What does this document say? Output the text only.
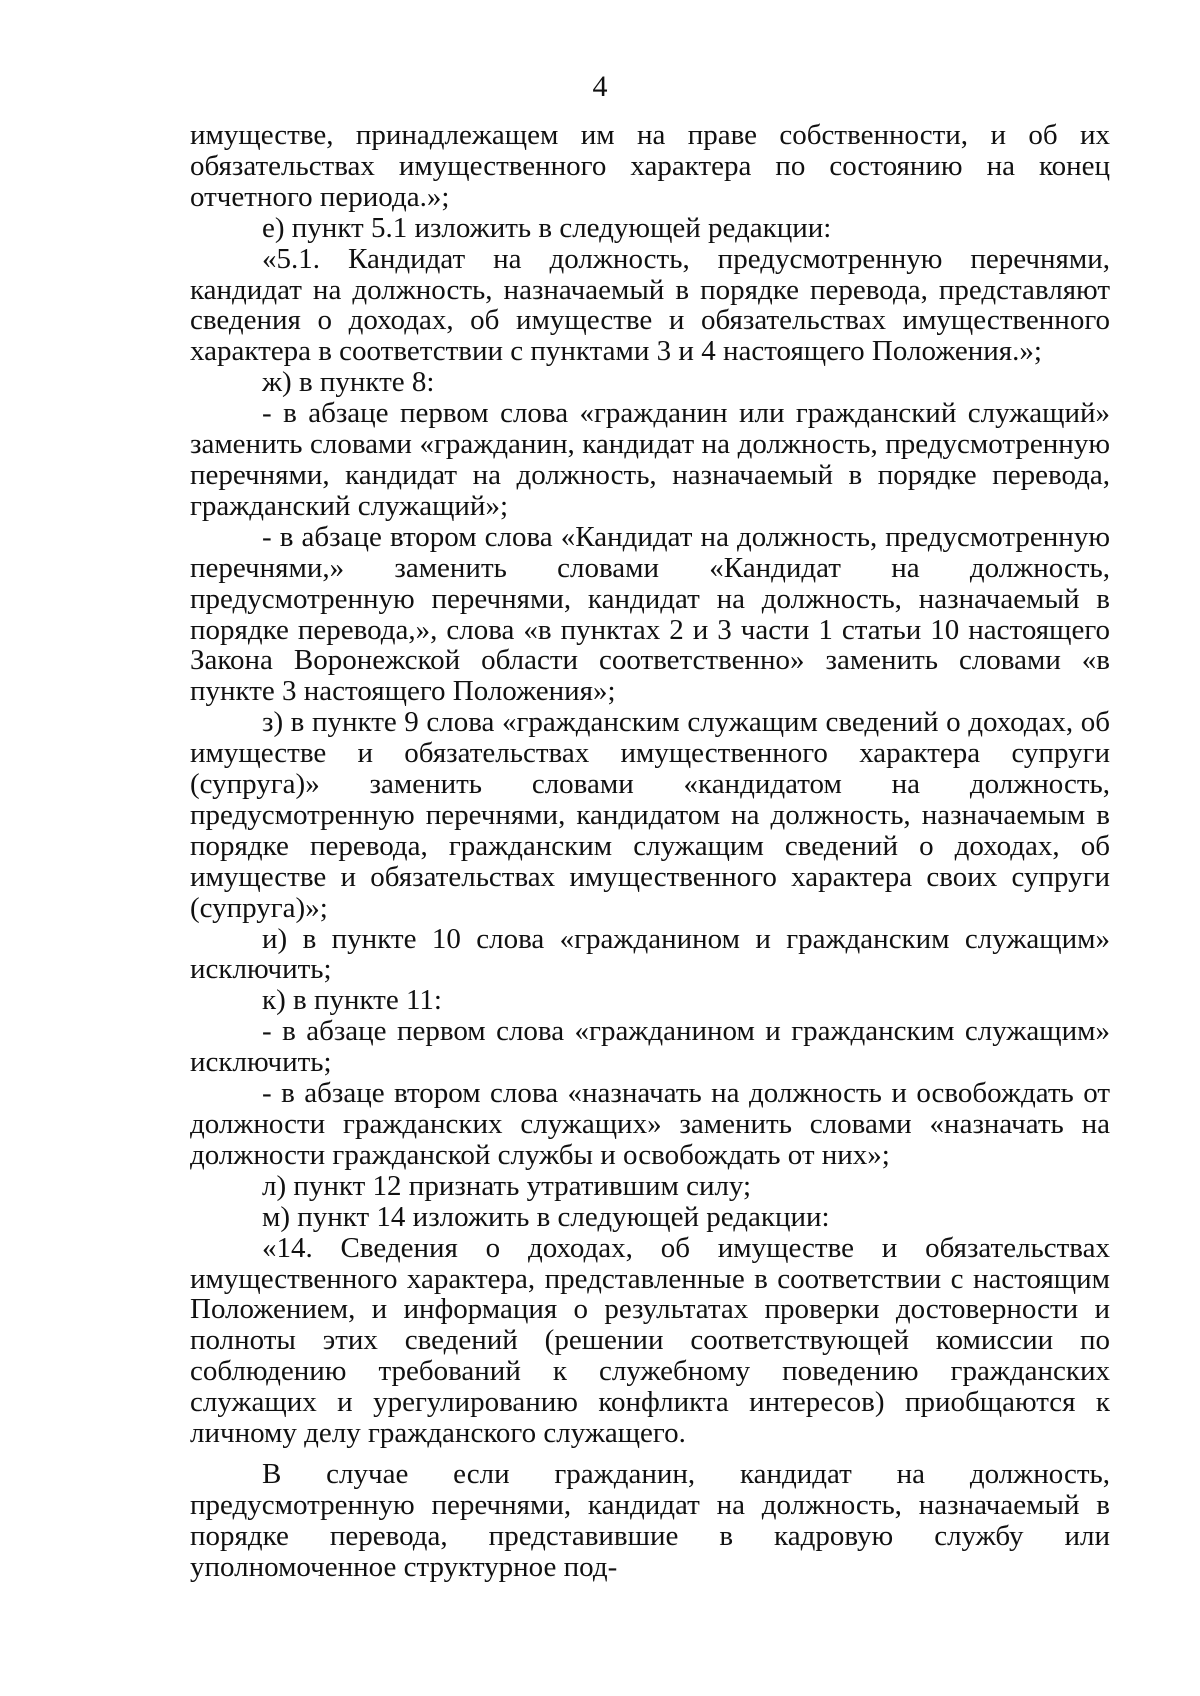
4

имуществе, принадлежащем им на праве собственности, и об их обязательствах имущественного характера по состоянию на конец отчетного периода.»;

е) пункт 5.1 изложить в следующей редакции:

«5.1. Кандидат на должность, предусмотренную перечнями, кандидат на должность, назначаемый в порядке перевода, представляют сведения о доходах, об имуществе и обязательствах имущественного характера в соответствии с пунктами 3 и 4 настоящего Положения.»;

ж) в пункте 8:

- в абзаце первом слова «гражданин или гражданский служащий» заменить словами «гражданин, кандидат на должность, предусмотренную перечнями, кандидат на должность, назначаемый в порядке перевода, гражданский служащий»;

- в абзаце втором слова «Кандидат на должность, предусмотренную перечнями,» заменить словами «Кандидат на должность, предусмотренную перечнями, кандидат на должность, назначаемый в порядке перевода,», слова «в пунктах 2 и 3 части 1 статьи 10 настоящего Закона Воронежской области соответственно» заменить словами «в пункте 3 настоящего Положения»;

з) в пункте 9 слова «гражданским служащим сведений о доходах, об имуществе и обязательствах имущественного характера супруги (супруга)» заменить словами «кандидатом на должность, предусмотренную перечнями, кандидатом на должность, назначаемым в порядке перевода, гражданским служащим сведений о доходах, об имуществе и обязательствах имущественного характера своих супруги (супруга)»;

и) в пункте 10 слова «гражданином и гражданским служащим» исключить;

к) в пункте 11:

- в абзаце первом слова «гражданином и гражданским служащим» исключить;

- в абзаце втором слова «назначать на должность и освобождать от должности гражданских служащих» заменить словами «назначать на должности гражданской службы и освобождать от них»;

л) пункт 12 признать утратившим силу;

м) пункт 14 изложить в следующей редакции:

«14. Сведения о доходах, об имуществе и обязательствах имущественного характера, представленные в соответствии с настоящим Положением, и информация о результатах проверки достоверности и полноты этих сведений (решении соответствующей комиссии по соблюдению требований к служебному поведению гражданских служащих и урегулированию конфликта интересов) приобщаются к личному делу гражданского служащего.

В случае если гражданин, кандидат на должность, предусмотренную перечнями, кандидат на должность, назначаемый в порядке перевода, представившие в кадровую службу или уполномоченное структурное под-
